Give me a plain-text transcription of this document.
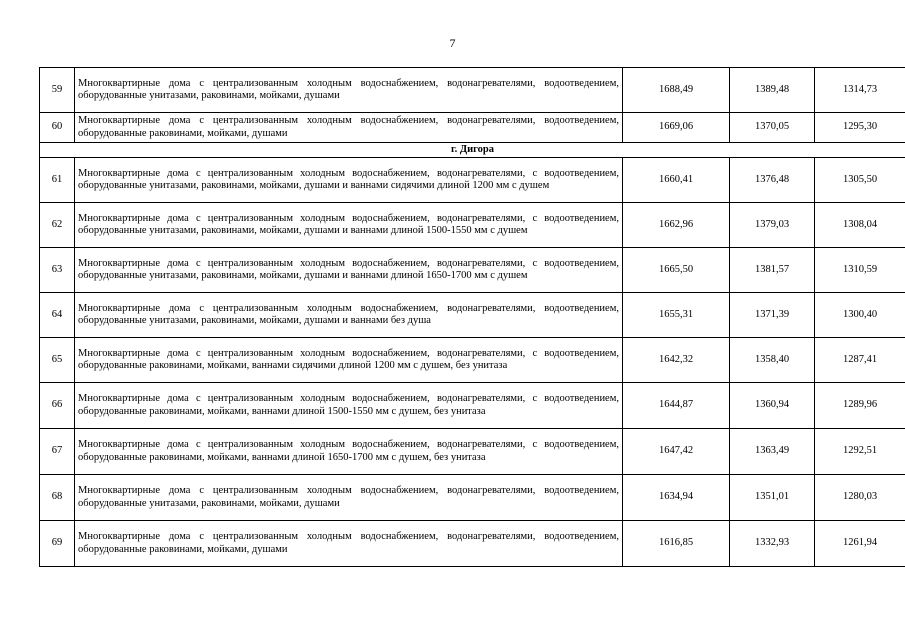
7
59	Многоквартирные дома с централизованным холодным водоснабжением, водонагревателями, водоотведением, оборудованные унитазами, раковинами, мойками, душами	1688,49	1389,48	1314,73
60	Многоквартирные дома с централизованным холодным водоснабжением, водонагревателями, водоотведением, оборудованные раковинами, мойками, душами	1669,06	1370,05	1295,30
г. Дигора				
61	Многоквартирные дома с централизованным холодным водоснабжением, водонагревателями, с водоотведением, оборудованные унитазами, раковинами, мойками, душами и ваннами сидячими длиной 1200 мм с душем	1660,41	1376,48	1305,50
62	Многоквартирные дома с централизованным холодным водоснабжением, водонагревателями, с водоотведением, оборудованные унитазами, раковинами, мойками, душами и ваннами длиной 1500-1550 мм с душем	1662,96	1379,03	1308,04
63	Многоквартирные дома с централизованным холодным водоснабжением, водонагревателями, с водоотведением, оборудованные унитазами, раковинами, мойками, душами и ваннами длиной 1650-1700 мм с душем	1665,50	1381,57	1310,59
64	Многоквартирные дома с централизованным холодным водоснабжением, водонагревателями, водоотведением, оборудованные унитазами, раковинами, мойками, душами и ваннами без душа	1655,31	1371,39	1300,40
65	Многоквартирные дома с централизованным холодным водоснабжением, водонагревателями, с водоотведением, оборудованные раковинами, мойками, ваннами сидячими длиной 1200 мм с душем, без унитаза	1642,32	1358,40	1287,41
66	Многоквартирные дома с централизованным холодным водоснабжением, водонагревателями, с водоотведением, оборудованные раковинами, мойками, ваннами длиной 1500-1550 мм с душем, без унитаза	1644,87	1360,94	1289,96
67	Многоквартирные дома с централизованным холодным водоснабжением, водонагревателями, с водоотведением, оборудованные раковинами, мойками, ваннами длиной 1650-1700 мм с душем, без унитаза	1647,42	1363,49	1292,51
68	Многоквартирные дома с централизованным холодным водоснабжением, водонагревателями, водоотведением, оборудованные унитазами, раковинами, мойками, душами	1634,94	1351,01	1280,03
69	Многоквартирные дома с централизованным холодным водоснабжением, водонагревателями, водоотведением, оборудованные раковинами, мойками, душами	1616,85	1332,93	1261,94
